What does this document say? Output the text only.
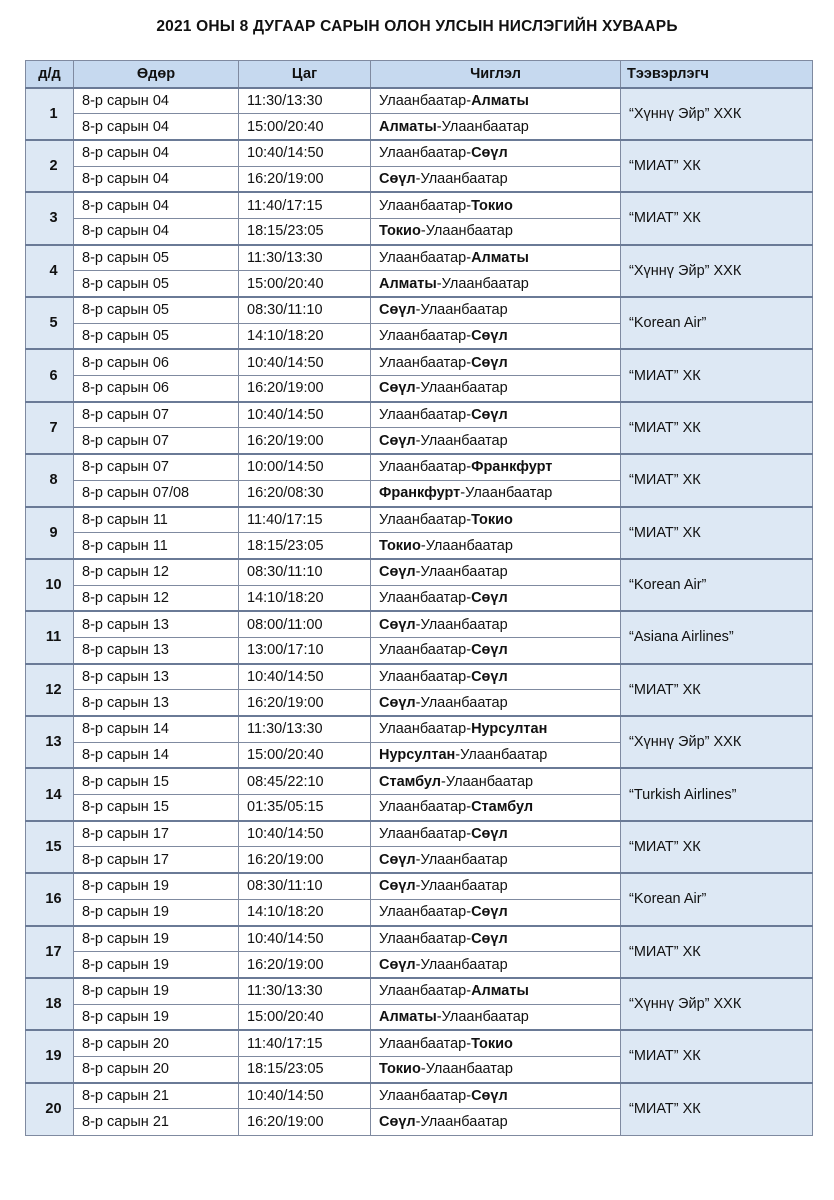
2021 ОНЫ 8 ДУГААР САРЫН ОЛОН УЛСЫН НИСЛЭГИЙН ХУВААРЬ
д/д	Өдөр	Цаг	Чиглэл	Тээвэрлэгч
1	8-р сарын 04	11:30/13:30	Улаанбаатар-Алматы	“Хүннү Эйр” ХХК
	8-р сарын 04	15:00/20:40	Алматы-Улаанбаатар	
2	8-р сарын 04	10:40/14:50	Улаанбаатар-Сөүл	“МИАТ” ХК
	8-р сарын 04	16:20/19:00	Сөүл-Улаанбаатар	
3	8-р сарын 04	11:40/17:15	Улаанбаатар-Токио	“МИАТ” ХК
	8-р сарын 04	18:15/23:05	Токио-Улаанбаатар	
4	8-р сарын 05	11:30/13:30	Улаанбаатар-Алматы	“Хүннү Эйр” ХХК
	8-р сарын 05	15:00/20:40	Алматы-Улаанбаатар	
5	8-р сарын 05	08:30/11:10	Сөүл-Улаанбаатар	“Korean Air”
	8-р сарын 05	14:10/18:20	Улаанбаатар-Сөүл	
6	8-р сарын 06	10:40/14:50	Улаанбаатар-Сөүл	“МИАТ” ХК
	8-р сарын 06	16:20/19:00	Сөүл-Улаанбаатар	
7	8-р сарын 07	10:40/14:50	Улаанбаатар-Сөүл	“МИАТ” ХК
	8-р сарын 07	16:20/19:00	Сөүл-Улаанбаатар	
8	8-р сарын 07	10:00/14:50	Улаанбаатар-Франкфурт	“МИАТ” ХК
	8-р сарын 07/08	16:20/08:30	Франкфурт-Улаанбаатар	
9	8-р сарын 11	11:40/17:15	Улаанбаатар-Токио	“МИАТ” ХК
	8-р сарын 11	18:15/23:05	Токио-Улаанбаатар	
10	8-р сарын 12	08:30/11:10	Сөүл-Улаанбаатар	“Korean Air”
	8-р сарын 12	14:10/18:20	Улаанбаатар-Сөүл	
11	8-р сарын 13	08:00/11:00	Сөүл-Улаанбаатар	“Asiana Airlines”
	8-р сарын 13	13:00/17:10	Улаанбаатар-Сөүл	
12	8-р сарын 13	10:40/14:50	Улаанбаатар-Сөүл	“МИАТ” ХК
	8-р сарын 13	16:20/19:00	Сөүл-Улаанбаатар	
13	8-р сарын 14	11:30/13:30	Улаанбаатар-Нурсултан	“Хүннү Эйр” ХХК
	8-р сарын 14	15:00/20:40	Нурсултан-Улаанбаатар	
14	8-р сарын 15	08:45/22:10	Стамбул-Улаанбаатар	“Turkish Airlines”
	8-р сарын 15	01:35/05:15	Улаанбаатар-Стамбул	
15	8-р сарын 17	10:40/14:50	Улаанбаатар-Сөүл	“МИАТ” ХК
	8-р сарын 17	16:20/19:00	Сөүл-Улаанбаатар	
16	8-р сарын 19	08:30/11:10	Сөүл-Улаанбаатар	“Korean Air”
	8-р сарын 19	14:10/18:20	Улаанбаатар-Сөүл	
17	8-р сарын 19	10:40/14:50	Улаанбаатар-Сөүл	“МИАТ” ХК
	8-р сарын 19	16:20/19:00	Сөүл-Улаанбаатар	
18	8-р сарын 19	11:30/13:30	Улаанбаатар-Алматы	“Хүннү Эйр” ХХК
	8-р сарын 19	15:00/20:40	Алматы-Улаанбаатар	
19	8-р сарын 20	11:40/17:15	Улаанбаатар-Токио	“МИАТ” ХК
	8-р сарын 20	18:15/23:05	Токио-Улаанбаатар	
20	8-р сарын 21	10:40/14:50	Улаанбаатар-Сөүл	“МИАТ” ХК
	8-р сарын 21	16:20/19:00	Сөүл-Улаанбаатар	
